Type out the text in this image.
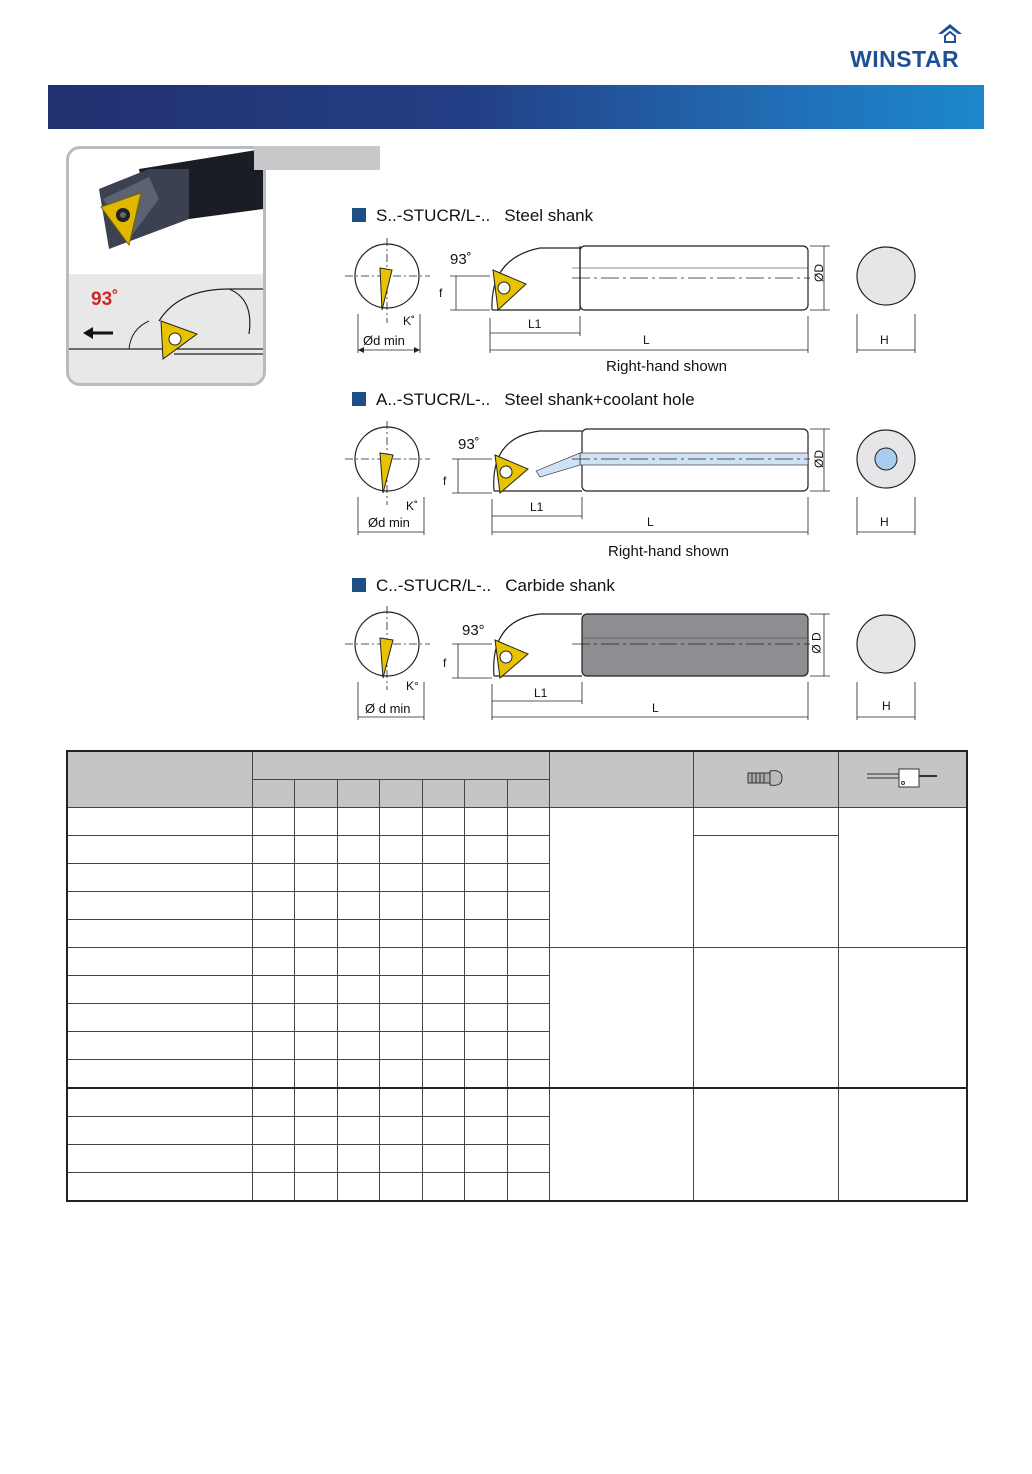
WINSTAR
93˚
S..-STUCR/L-.. Steel shank
A..-STUCR/L-.. Steel shank+coolant hole
C..-STUCR/L-.. Carbide shank
93˚
K˚
Ød min
f
L1
L
ØD
H
Right-hand shown
93˚
K˚
Ød min
f
L1
L
ØD
H
Right-hand shown
93°
K°
Ø d min
f
L1
L
Ø D
H
